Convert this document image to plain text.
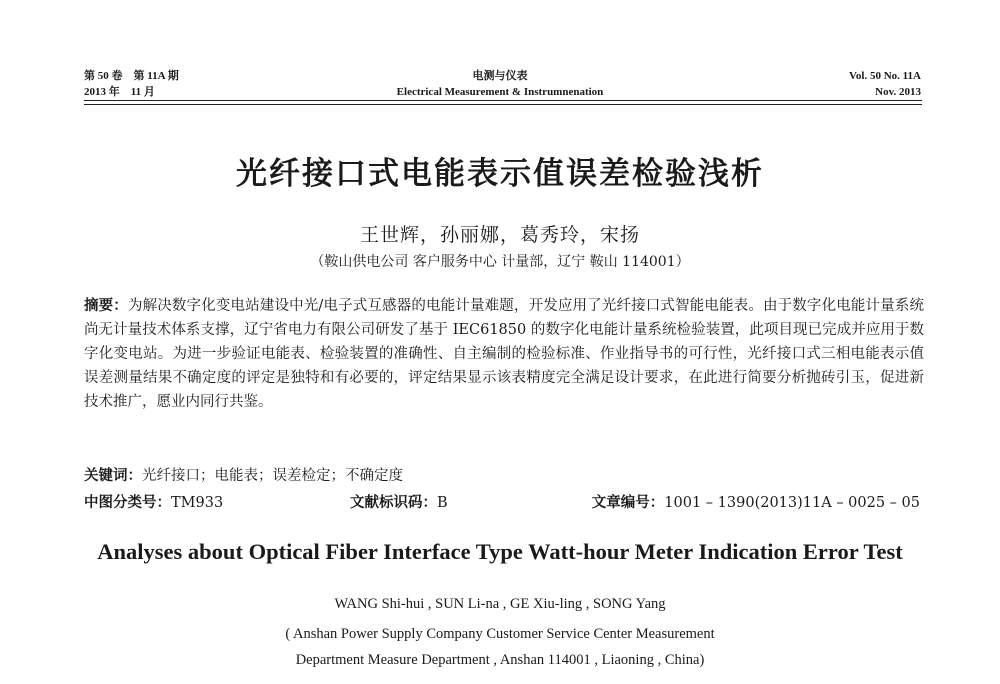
第 50 卷　第 11A 期
2013 年　11 月
电测与仪表
Electrical Measurement & Instrumnenation
Vol. 50 No. 11A
Nov. 2013
光纤接口式电能表示值误差检验浅析
王世辉，孙丽娜，葛秀玲，宋扬
（鞍山供电公司 客户服务中心 计量部，辽宁 鞍山 114001）
摘要：为解决数字化变电站建设中光/电子式互感器的电能计量难题，开发应用了光纤接口式智能电能表。由于数字化电能计量系统尚无计量技术体系支撑，辽宁省电力有限公司研发了基于 IEC61850 的数字化电能计量系统检验装置，此项目现已完成并应用于数字化变电站。为进一步验证电能表、检验装置的准确性、自主编制的检验标准、作业指导书的可行性，光纤接口式三相电能表示值误差测量结果不确定度的评定是独特和有必要的，评定结果显示该表精度完全满足设计要求，在此进行简要分析抛砖引玉，促进新技术推广，愿业内同行共鉴。
关键词：光纤接口；电能表；误差检定；不确定度
中图分类号：TM933	文献标识码：B	文章编号：1001 – 1390(2013)11A – 0025 – 05
Analyses about Optical Fiber Interface Type Watt-hour Meter Indication Error Test
WANG Shi-hui , SUN Li-na , GE Xiu-ling , SONG Yang
( Anshan Power Supply Company Customer Service Center Measurement
Department Measure Department , Anshan 114001 , Liaoning , China)
